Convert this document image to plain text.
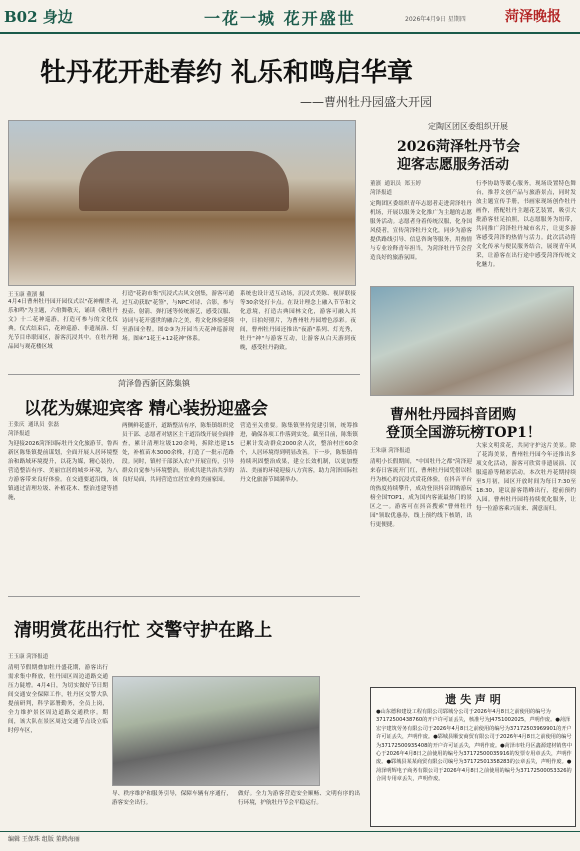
B02 身边	一花一城 花开盛世	2026年4月9日 星期四	菏泽晚报
牡丹花开赴春约 礼乐和鸣启华章
——曹州牡丹园盛大开园
王玉康 董濱 摄
4月4日曹州牡丹园开园仪式以"花神醒世·礼乐和鸣"为主题，六佾舞敬天，诵读《敬牡丹文》十二花神巡游，打造可参与的文化仪典。仪式结束后，花神巡游、非遗展演、灯光节目串联园区，游客沉浸其中。在牡丹精品园与观花楼区域
打造"花韵市集"沉浸式古风文创集，游客可通过互动获取"花签"，与NPC对诗、合影，参与投壶、射箭、弹打迷等传统游艺，感受汉服、诗词与花开盛世的融合之美，将文化体验延续至游园全程。图②③为开园当天花神巡游现场。图④"1花王+12花神"体系。
系统也设计适互动场，沉浸式美陈、视屏联接等30余处打卡点。在设计理念上融入节节和文化意境，打造古典园林文化，游客可融入其中，日拍好照片，为曹州牡丹园增色添彩。夜间，曹州牡丹园还推出"夜游"系列、灯光秀，牡丹"神"与游客互动，让游客从白天游到夜晚，感受牡丹韵致。
定陶区团区委组织开展
2026菏泽牡丹节会
迎客志愿服务活动
董濱  通讯员  郑玉婷
菏泽报道
定陶团区委组织青年志愿者走进菏泽牡丹机场，开展以服务文化推广为主题的志愿服务活动。志愿者身着传统汉服，化身国风使者，宣传菏泽牡丹文化，同步为游客提供路线引导、信息咨询等服务，用热情与专业诠释青年担当，为菏泽牡丹节会营造良好的旅游氛围。
行李协助等暖心服务，现场设置特色舞台，推荐文创产品与旅游景点，同时发放主题宣传手册，书画家现场创作牡丹画作，搭配牡丹主题花艺装置，吸引大批游客驻足拍照，以志愿服务为纽带，共同推广菏泽牡丹城市名片，让更多游客感受菏泽的热情与活力。此次活动将文化传承与便民服务结合，展现青年风采，让游客在出行途中感受菏泽传统文化魅力。
菏泽鲁西新区陈集镇
以花为媒迎宾客 精心装扮迎盛会
王张庆  通讯员  张磊
菏泽报道
为迎接2026菏泽国际牡丹文化旅游节，鲁西新区陈集镇提前谋划，全面开展人居环境整治和路域环境提升，以花为媒，精心装扮，营造整洁有序、美丽宜居的城乡环境，为八方游客带来良好体验。在交通要道沿线，该镇通过清理垃圾、补植花木、整治违建等措施，
两侧鲜花盛开，道路整洁有序，陈集镇组织党员干部、志愿者对辖区主干道沿线开展全面排查，累计清理垃圾120余吨，拆除违建15处，补植苗木3000余株，打造了一批示范路段。同时，镇村干部深入农户开展宣传，引导群众自觉参与环境整治，形成共建共治共享的良好局面，共同营造宜居宜业的美丽家园。
营造至关重要。陈集镇坚持党建引领，统筹推进，确保各项工作落到实处。截至目前，陈集镇已累计发动群众2000余人次，整治村庄60余个，人居环境得到明显改善。下一步，陈集镇将持续巩固整治成果，建立长效机制，以更加整洁、美丽的环境迎接八方宾客，助力菏泽国际牡丹文化旅游节圆满举办。
曹州牡丹园抖音团购
登顶全国游玩榜TOP1！
王朱康 菏泽报道
清明小长假期间，"中国牡丹之都"菏泽迎来春日客流开门红，曹州牡丹园凭借以牡丹为核心的沉浸式赏花体验，在抖音平台的热度持续攀升，成功登顶抖音团购游玩榜全国TOP1，成为国内客流最热门的景区之一。游客可在抖音搜索"曹州牡丹园"领取优惠券，线上预约线下核销，出行更便捷。
大家文明赏花，共同守护这片美景。除了花海美景，曹州牡丹园今年还推出多项文化活动，游客可欣赏非遗展演、汉服巡游等精彩活动。本次牡丹花期持续至5月初，园区开放时间为每日7:30至18:30，建议游客错峰出行，提前预约入园。曹州牡丹园将持续优化服务，让每一位游客乘兴而来、满意而归。
清明赏花出行忙 交警守护在路上
王玉康 菏泽报道
清明节假期叠加牡丹盛花期，游客出行需求集中释放，牡丹园区周边道路交通压力陡增。4月4日，为切实做好节日期间交通安全保障工作，牡丹区交警大队提前研判，科学部署勤务，全员上岗，全力维护景区周边道路交通秩序。期间，该大队在景区周边交通节点设立临时停车区，
导、秩序维护和服务引导，保障车辆有序通行，游客安全出行。
做好。全力为游客营造安全顺畅、文明有序的出行环境，护航牡丹节会平稳运行。
遗 失 声 明
●山东德和建设工程有限公司郓城分公司于2026年4月8日之前使用的编号为37172500438760的开户许可证丢失，核准号为J4751002025，声明作废。●菏泽宏宇建筑劳务有限公司于2026年4月8日之前使用的编号为37172503969901的开户许可证丢失，声明作废。●郓城县顺安商贸有限公司于2026年4月8日之前使用的编号为37172500935408的开户许可证丢失，声明作废。●菏泽市牡丹区鑫源建材销售中心于2026年4月8日之前使用的编号为37172500035916的发票专用章丢失，声明作废。●郓城县某某商贸有限公司编号为37172501358283的公章丢失，声明作废。●菏泽明辉电子商务有限公司于2026年4月8日之前使用的编号为37172500053326的合同专用章丢失，声明作废。
编辑 王保珠 组版 董鹤海丽
